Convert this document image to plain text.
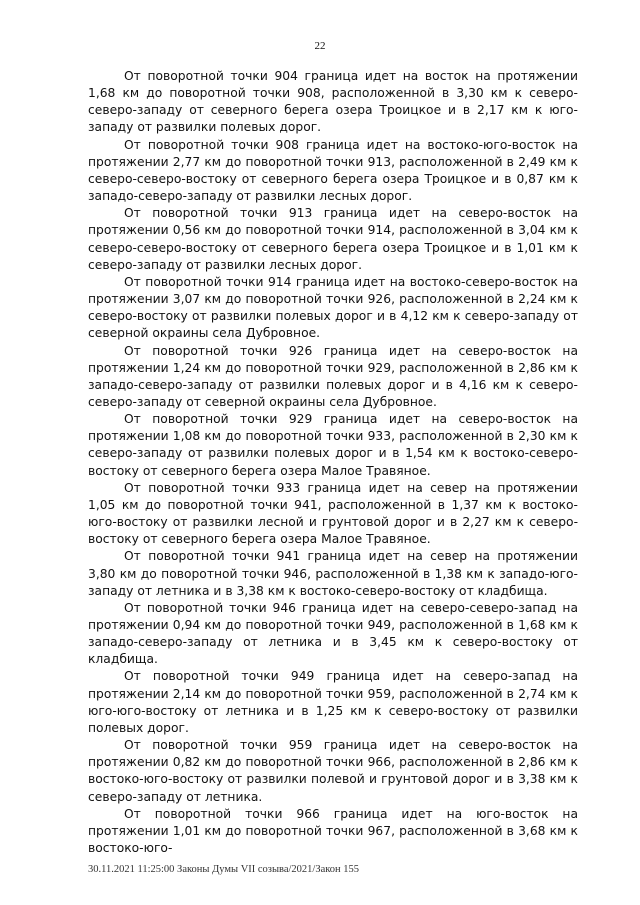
22

От поворотной точки 904 граница идет на восток на протяжении 1,68 км до поворотной точки 908, расположенной в 3,30 км к северо-северо-западу от северного берега озера Троицкое и в 2,17 км к юго-западу от развилки полевых дорог.

От поворотной точки 908 граница идет на востоко-юго-восток на протяжении 2,77 км до поворотной точки 913, расположенной в 2,49 км к северо-северо-востоку от северного берега озера Троицкое и в 0,87 км к западо-северо-западу от развилки лесных дорог.

От поворотной точки 913 граница идет на северо-восток на протяжении 0,56 км до поворотной точки 914, расположенной в 3,04 км к северо-северо-востоку от северного берега озера Троицкое и в 1,01 км к северо-западу от развилки лесных дорог.

От поворотной точки 914 граница идет на востоко-северо-восток на протяжении 3,07 км до поворотной точки 926, расположенной в 2,24 км к северо-востоку от развилки полевых дорог и в 4,12 км к северо-западу от северной окраины села Дубровное.

От поворотной точки 926 граница идет на северо-восток на протяжении 1,24 км до поворотной точки 929, расположенной в 2,86 км к западо-северо-западу от развилки полевых дорог и в 4,16 км к северо-северо-западу от северной окраины села Дубровное.

От поворотной точки 929 граница идет на северо-восток на протяжении 1,08 км до поворотной точки 933, расположенной в 2,30 км к северо-западу от развилки полевых дорог и в 1,54 км к востоко-северо-востоку от северного берега озера Малое Травяное.

От поворотной точки 933 граница идет на север на протяжении 1,05 км до поворотной точки 941, расположенной в 1,37 км к востоко-юго-востоку от развилки лесной и грунтовой дорог и в 2,27 км к северо-востоку от северного берега озера Малое Травяное.

От поворотной точки 941 граница идет на север на протяжении 3,80 км до поворотной точки 946, расположенной в 1,38 км к западо-юго-западу от летника и в 3,38 км к востоко-северо-востоку от кладбища.

От поворотной точки 946 граница идет на северо-северо-запад на протяжении 0,94 км до поворотной точки 949, расположенной в 1,68 км к западо-северо-западу от летника и в 3,45 км к северо-востоку от кладбища.

От поворотной точки 949 граница идет на северо-запад на протяжении 2,14 км до поворотной точки 959, расположенной в 2,74 км к юго-юго-востоку от летника и в 1,25 км к северо-востоку от развилки полевых дорог.

От поворотной точки 959 граница идет на северо-восток на протяжении 0,82 км до поворотной точки 966, расположенной в 2,86 км к востоко-юго-востоку от развилки полевой и грунтовой дорог и в 3,38 км к северо-западу от летника.

От поворотной точки 966 граница идет на юго-восток на протяжении 1,01 км до поворотной точки 967, расположенной в 3,68 км к востоко-юго-

30.11.2021 11:25:00 Законы Думы VII созыва/2021/Закон 155
